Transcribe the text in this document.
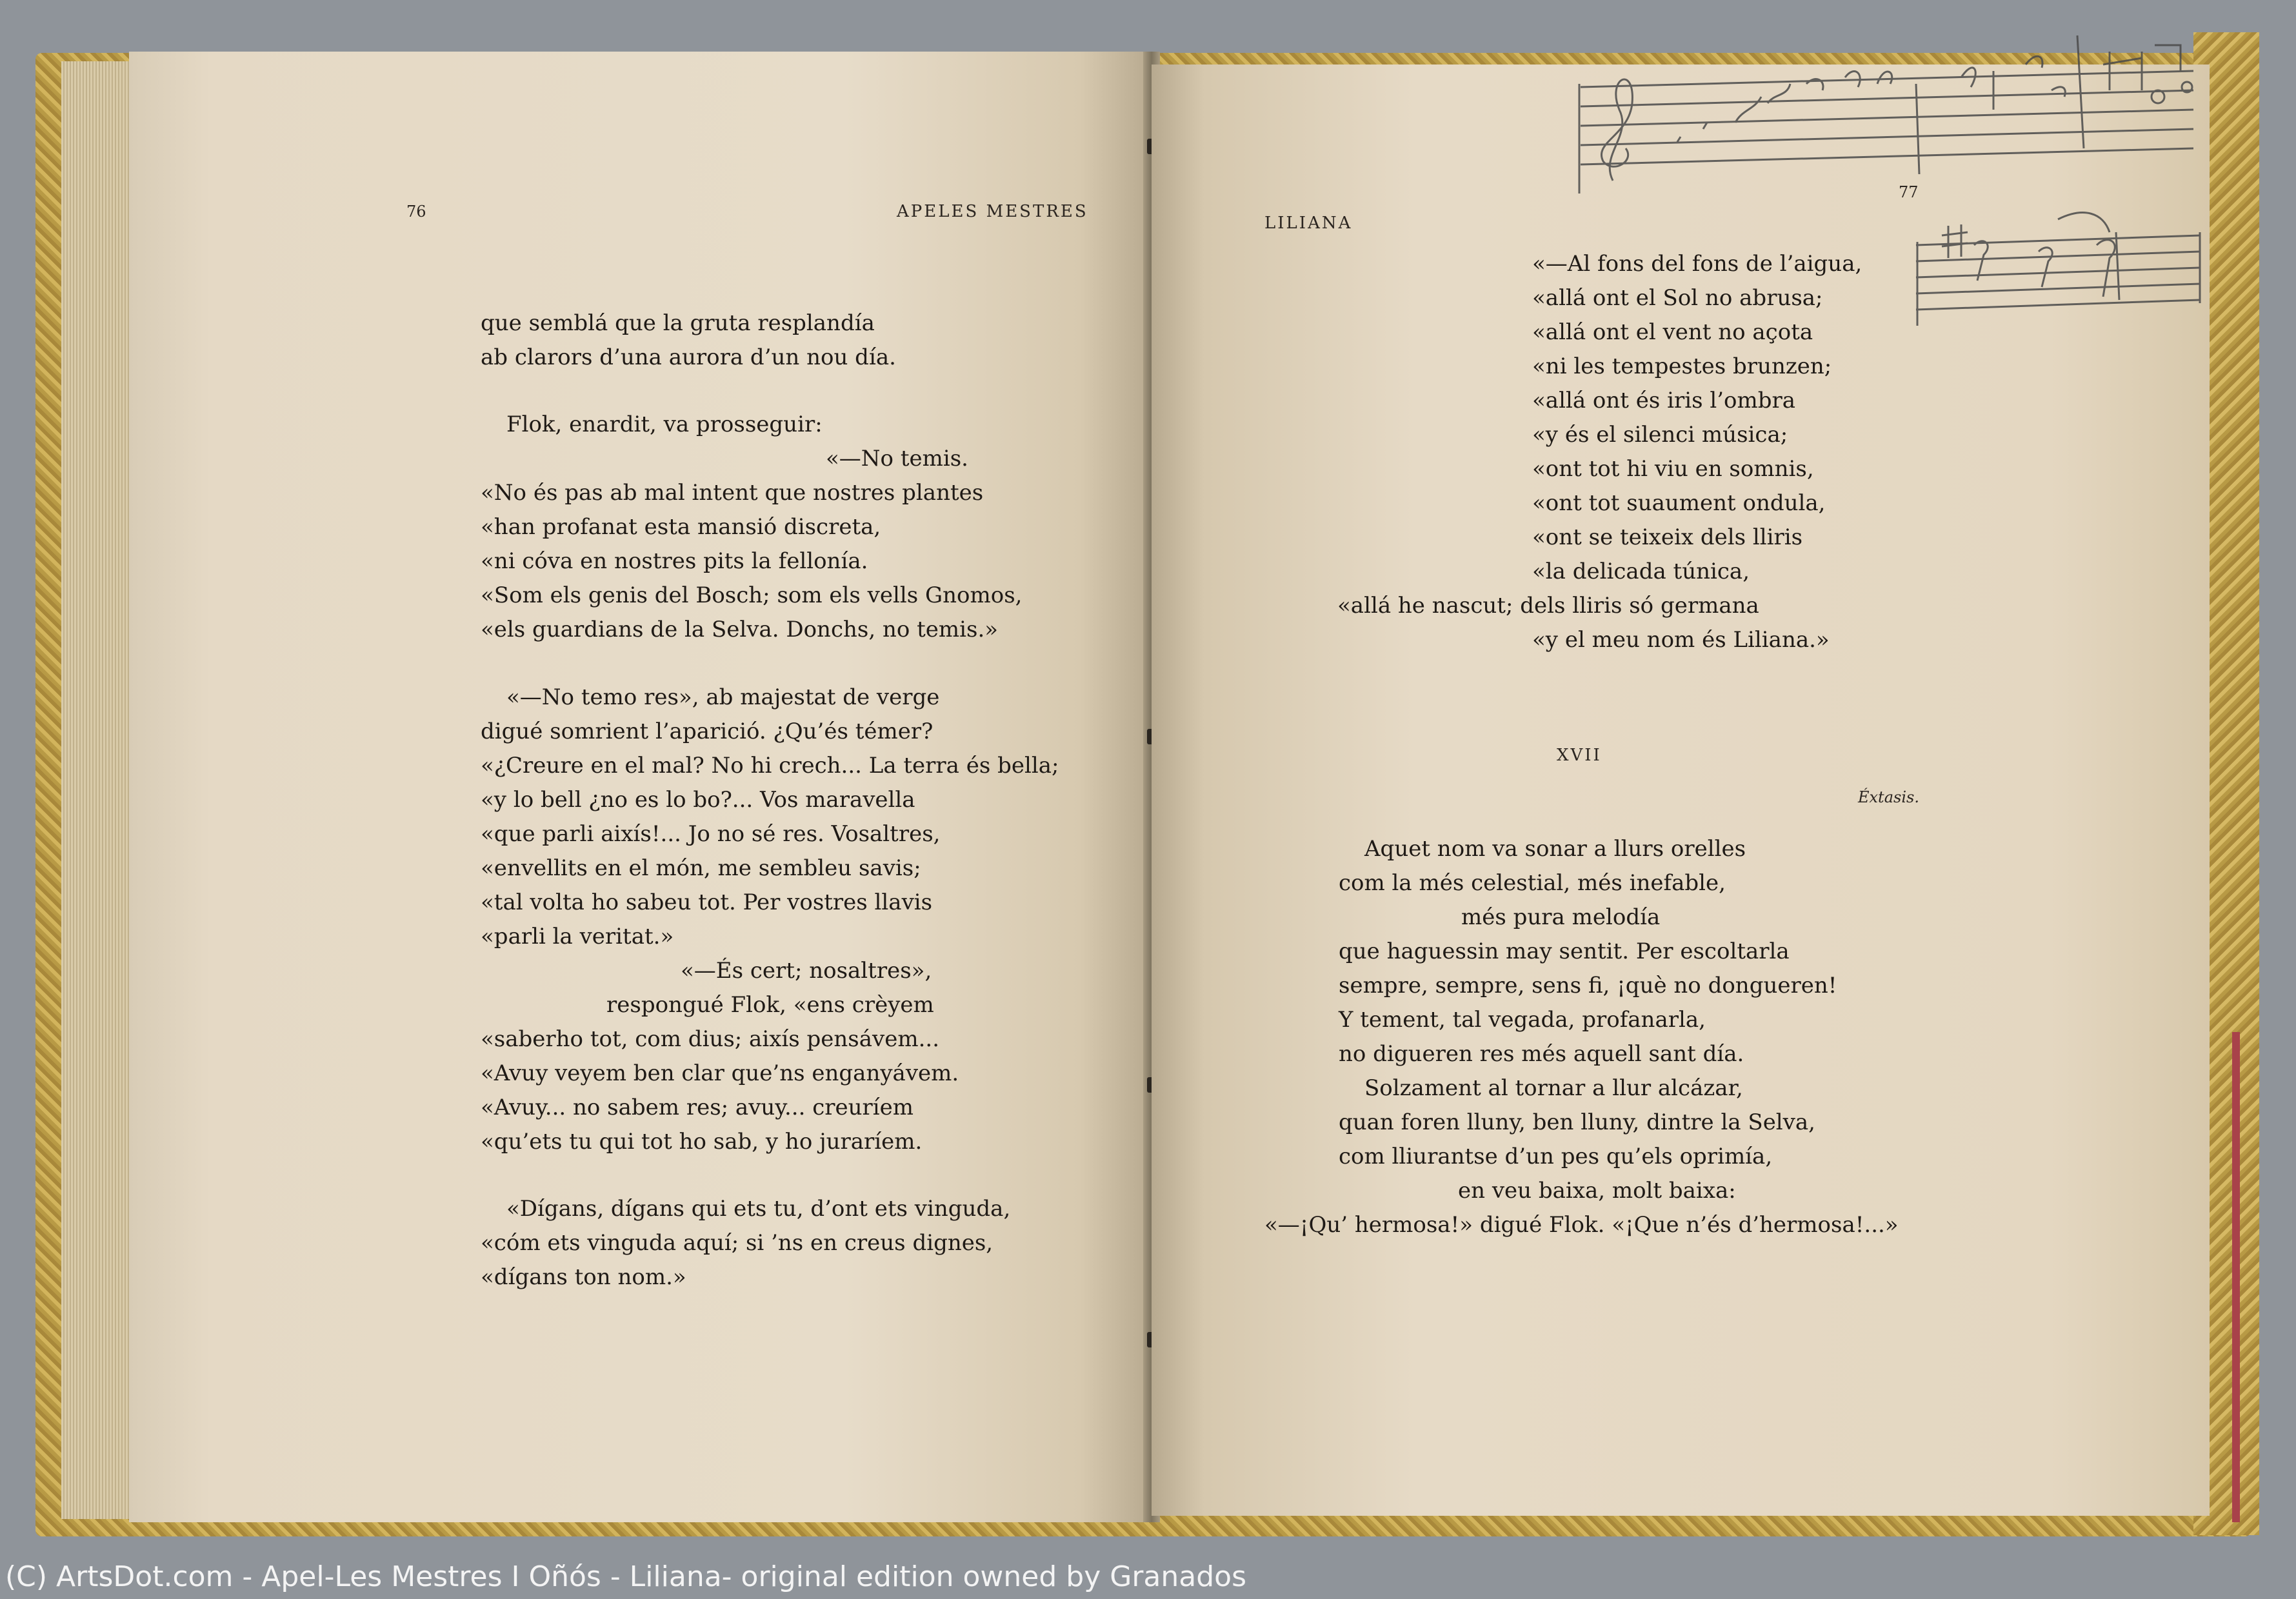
76	APELES MESTRES
que semblá que la gruta resplandía
ab clarors d’una aurora d’un nou día.
Flok, enardit, va prosseguir:
«—No temis.
«No és pas ab mal intent que nostres plantes
«han profanat esta mansió discreta,
«ni cóva en nostres pits la fellonía.
«Som els genis del Bosch; som els vells Gnomos,
«els guardians de la Selva. Donchs, no temis.»
«—No temo res», ab majestat de verge
digué somrient l’aparició. ¿Qu’és témer?
«¿Creure en el mal? No hi crech... La terra és bella;
«y lo bell ¿no es lo bo?... Vos maravella
«que parli aixís!... Jo no sé res. Vosaltres,
«envellits en el món, me sembleu savis;
«tal volta ho sabeu tot. Per vostres llavis
«parli la veritat.»
«—És cert; nosaltres»,
respongué Flok, «ens crèyem
«saberho tot, com dius; aixís pensávem...
«Avuy veyem ben clar que’ns enganyávem.
«Avuy... no sabem res; avuy... creuríem
«qu’ets tu qui tot ho sab, y ho juraríem.
«Dígans, dígans qui ets tu, d’ont ets vinguda,
«cóm ets vinguda aquí; si ’ns en creus dignes,
«dígans ton nom.»
LILIANA
77
«—Al fons del fons de l’aigua,
«allá ont el Sol no abrusa;
«allá ont el vent no açota
«ni les tempestes brunzen;
«allá ont és iris l’ombra
«y és el silenci música;
«ont tot hi viu en somnis,
«ont tot suaument ondula,
«ont se teixeix dels lliris
«la delicada túnica,
«allá he nascut; dels lliris só germana
«y el meu nom és Liliana.»
XVII
Éxtasis.
Aquet nom va sonar a llurs orelles
com la més celestial, més inefable,
més pura melodía
que haguessin may sentit. Per escoltarla
sempre, sempre, sens fi, ¡què no dongueren!
Y tement, tal vegada, profanarla,
no digueren res més aquell sant día.
Solzament al tornar a llur alcázar,
quan foren lluny, ben lluny, dintre la Selva,
com lliurantse d’un pes qu’els oprimía,
en veu baixa, molt baixa:
«—¡Qu’ hermosa!» digué Flok. «¡Que n’és d’hermosa!...»
(C) ArtsDot.com - Apel-Les Mestres I Oñós - Liliana- original edition owned by Granados
